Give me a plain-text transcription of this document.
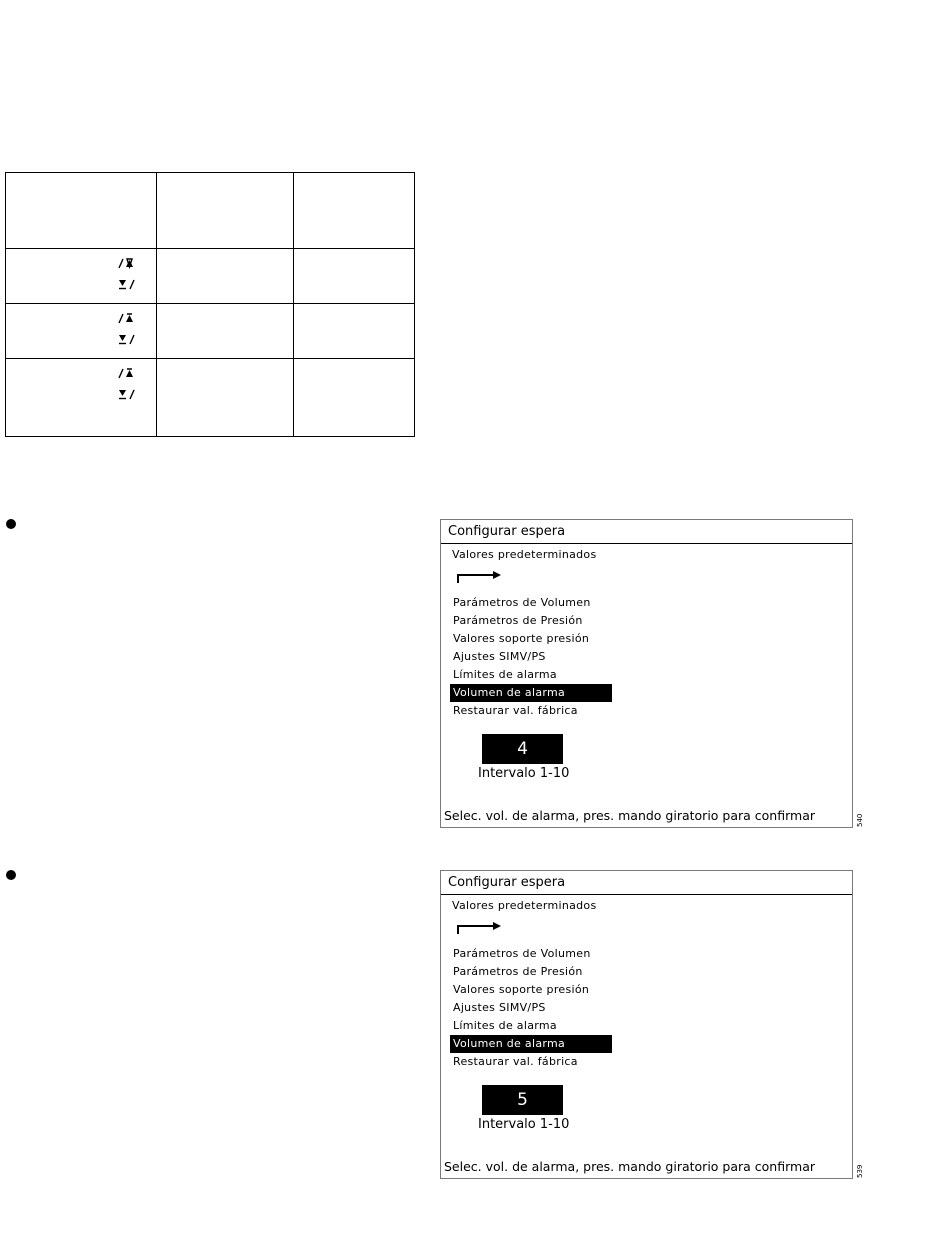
Configurar espera
Valores predeterminados
Parámetros de Volumen
Parámetros de Presión
Valores soporte presión
Ajustes SIMV/PS
Límites de alarma
Volumen de alarma
Restaurar val. fábrica
4
Intervalo 1-10
Selec. vol. de alarma, pres. mando giratorio para confirmar	540
Configurar espera
Valores predeterminados
Parámetros de Volumen
Parámetros de Presión
Valores soporte presión
Ajustes SIMV/PS
Límites de alarma
Volumen de alarma
Restaurar val. fábrica
5
Intervalo 1-10
Selec. vol. de alarma, pres. mando giratorio para confirmar	539
